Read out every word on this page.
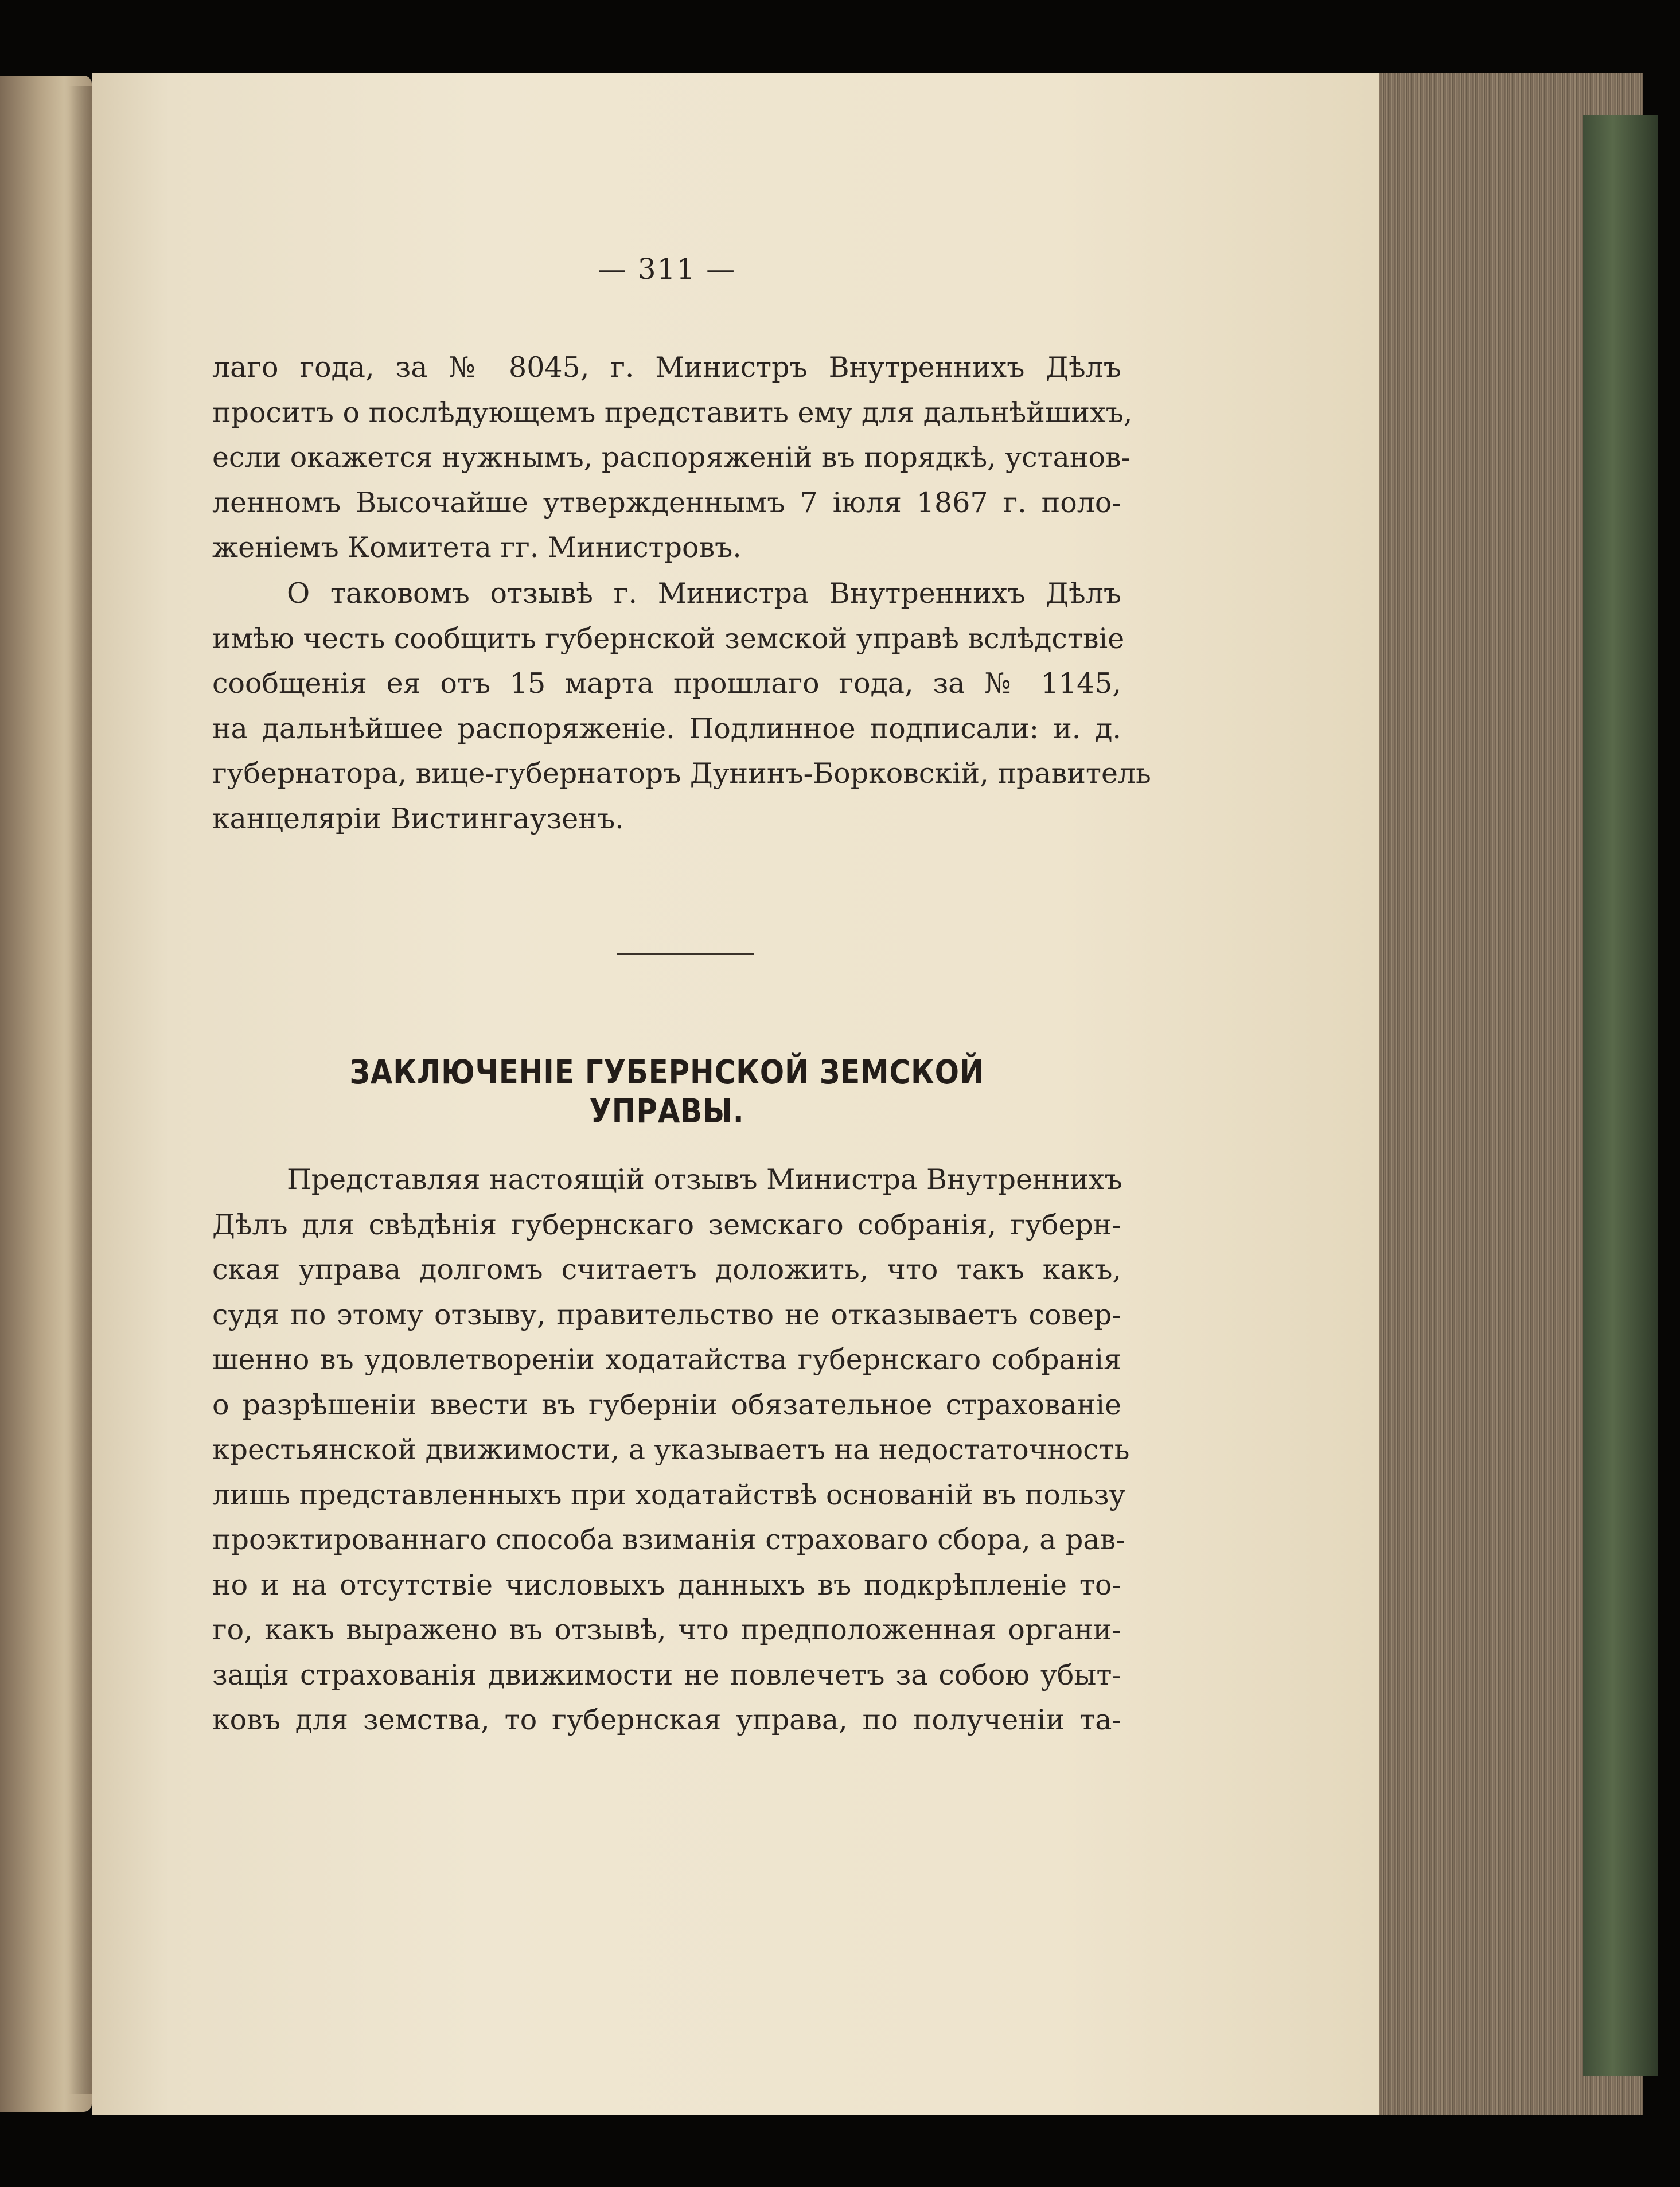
— 311 —
лаго года, за № 8045, г. Министръ Внутреннихъ Дѣлъ
проситъ о послѣдующемъ представить ему для дальнѣйшихъ,
если окажется нужнымъ, распоряженій въ порядкѣ, установ-
ленномъ Высочайше утвержденнымъ 7 іюля 1867 г. поло-
женіемъ Комитета гг. Министровъ.
О таковомъ отзывѣ г. Министра Внутреннихъ Дѣлъ
имѣю честь сообщить губернской земской управѣ вслѣдствіе
сообщенія ея отъ 15 марта прошлаго года, за № 1145,
на дальнѣйшее распоряженіе. Подлинное подписали: и. д.
губернатора, вице-губернаторъ Дунинъ-Борковскій, правитель
канцеляріи Вистингаузенъ.
ЗАКЛЮЧЕНІЕ ГУБЕРНСКОЙ ЗЕМСКОЙ УПРАВЫ.
Представляя настоящій отзывъ Министра Внутреннихъ
Дѣлъ для свѣдѣнія губернскаго земскаго собранія, губерн-
ская управа долгомъ считаетъ доложить, что такъ какъ,
судя по этому отзыву, правительство не отказываетъ совер-
шенно въ удовлетвореніи ходатайства губернскаго собранія
о разрѣшеніи ввести въ губерніи обязательное страхованіе
крестьянской движимости, а указываетъ на недостаточность
лишь представленныхъ при ходатайствѣ основаній въ пользу
проэктированнаго способа взиманія страховаго сбора, а рав-
но и на отсутствіе числовыхъ данныхъ въ подкрѣпленіе то-
го, какъ выражено въ отзывѣ, что предположенная органи-
зація страхованія движимости не повлечетъ за собою убыт-
ковъ для земства, то губернская управа, по полученіи та-
